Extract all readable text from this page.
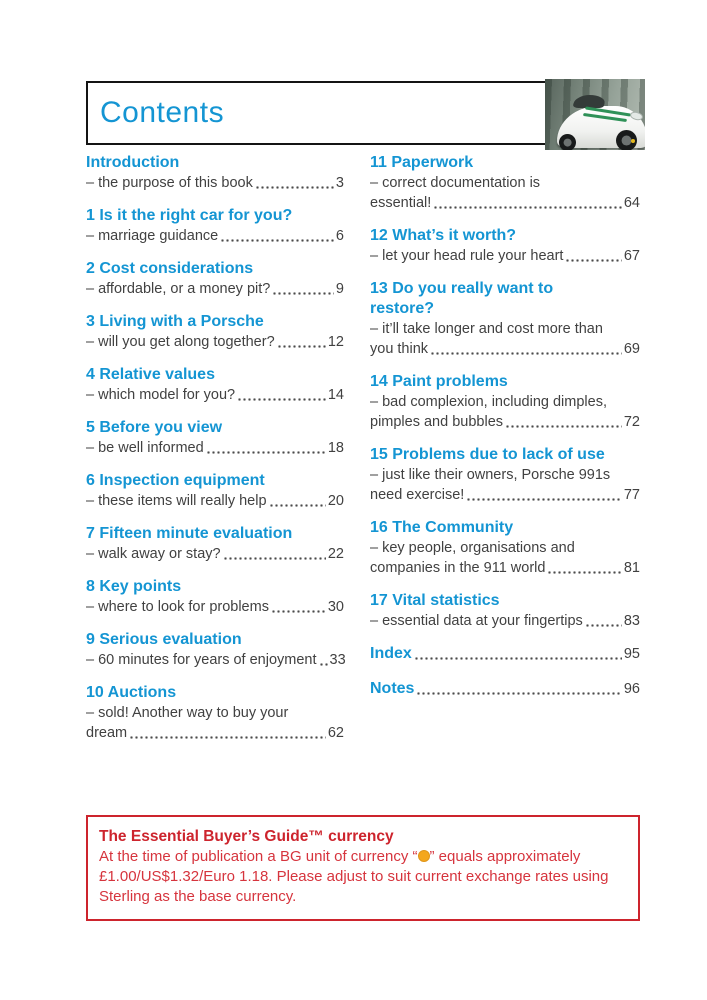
Contents
Introduction
– the purpose of this book	3
1 Is it the right car for you?
– marriage guidance	6
2 Cost considerations
– affordable, or a money pit?	9
3 Living with a Porsche
– will you get along together?	12
4 Relative values
– which model for you?	14
5 Before you view
– be well informed	18
6 Inspection equipment
– these items will really help	20
7 Fifteen minute evaluation
– walk away or stay?	22
8 Key points
– where to look for problems	30
9 Serious evaluation
– 60 minutes for years of enjoyment 33
10 Auctions
– sold! Another way to buy your
dream	62
11 Paperwork
– correct documentation is
essential!	64
12 What’s it worth?
– let your head rule your heart	67
13 Do you really want to restore?
– it’ll take longer and cost more than
you think	69
14 Paint problems
– bad complexion, including dimples,
pimples and bubbles	72
15 Problems due to lack of use
– just like their owners, Porsche 991s
need exercise!	77
16 The Community
– key people, organisations and
companies in the 911 world	81
17 Vital statistics
– essential data at your fingertips	83
Index	95
Notes	96

The Essential Buyer’s Guide™ currency

At the time of publication a BG unit of currency “ ” equals approximately £1.00/US$1.32/Euro 1.18. Please adjust to suit current exchange rates using Sterling as the base currency.
